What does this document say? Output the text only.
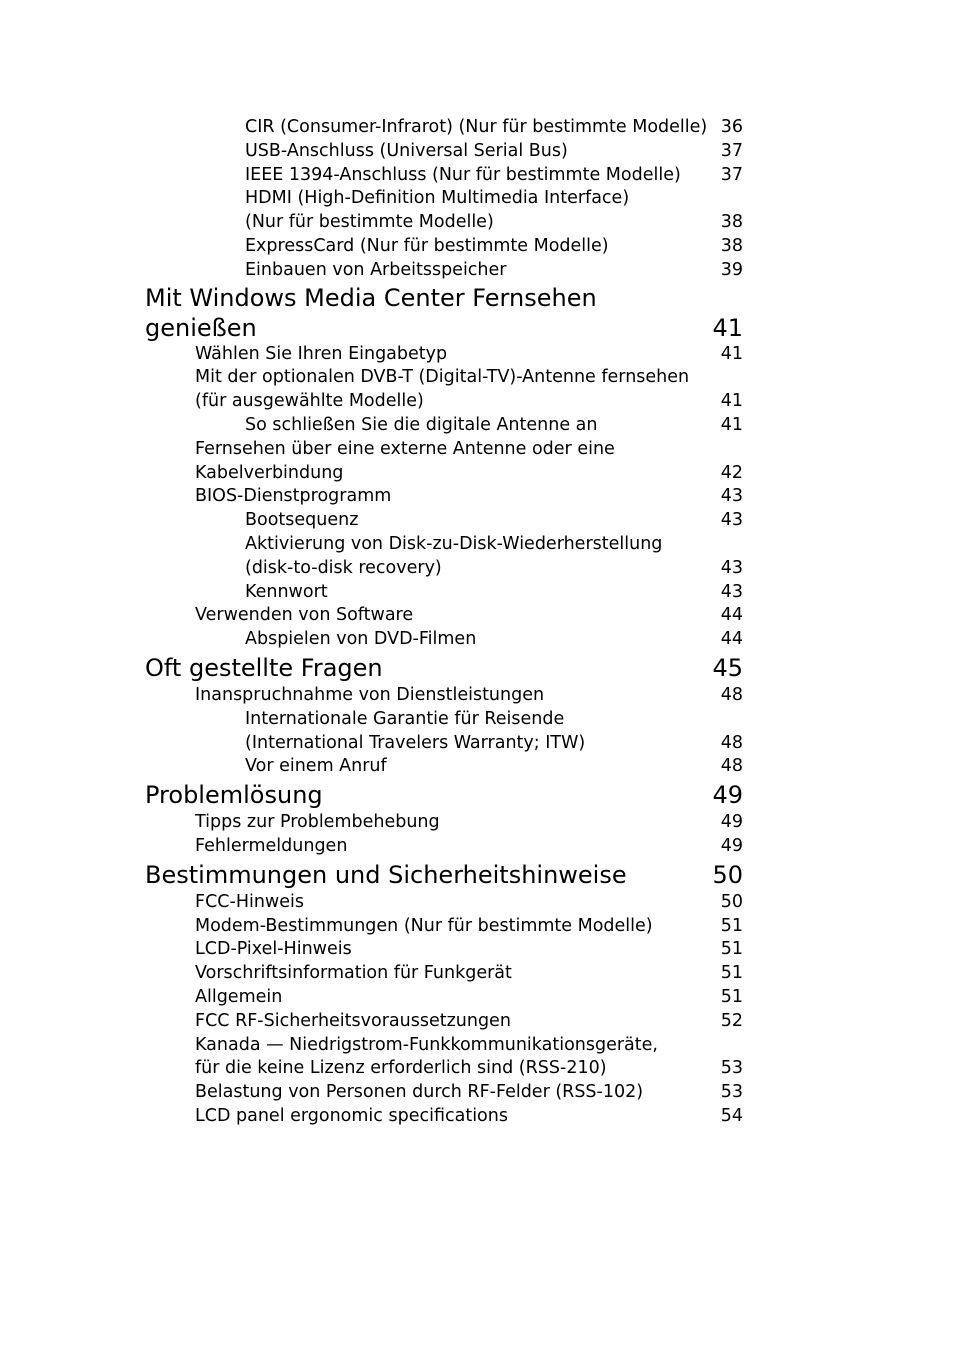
CIR (Consumer-Infrarot) (Nur für bestimmte Modelle) 36
USB-Anschluss (Universal Serial Bus)	37
IEEE 1394-Anschluss (Nur für bestimmte Modelle)	37
HDMI (High-Definition Multimedia Interface)
(Nur für bestimmte Modelle)	38
ExpressCard (Nur für bestimmte Modelle)	38
Einbauen von Arbeitsspeicher	39
Mit Windows Media Center Fernsehen
genießen	41
Wählen Sie Ihren Eingabetyp	41
Mit der optionalen DVB-T (Digital-TV)-Antenne fernsehen
(für ausgewählte Modelle)	41
So schließen Sie die digitale Antenne an	41
Fernsehen über eine externe Antenne oder eine
Kabelverbindung	42
BIOS-Dienstprogramm	43
Bootsequenz	43
Aktivierung von Disk-zu-Disk-Wiederherstellung
(disk-to-disk recovery)	43
Kennwort	43
Verwenden von Software	44
Abspielen von DVD-Filmen	44
Oft gestellte Fragen	45
Inanspruchnahme von Dienstleistungen	48
Internationale Garantie für Reisende
(International Travelers Warranty; ITW)	48
Vor einem Anruf	48
Problemlösung	49
Tipps zur Problembehebung	49
Fehlermeldungen	49
Bestimmungen und Sicherheitshinweise	50
FCC-Hinweis	50
Modem-Bestimmungen (Nur für bestimmte Modelle)	51
LCD-Pixel-Hinweis	51
Vorschriftsinformation für Funkgerät	51
Allgemein	51
FCC RF-Sicherheitsvoraussetzungen	52
Kanada — Niedrigstrom-Funkkommunikationsgeräte,
für die keine Lizenz erforderlich sind (RSS-210)	53
Belastung von Personen durch RF-Felder (RSS-102)	53
LCD panel ergonomic specifications	54
